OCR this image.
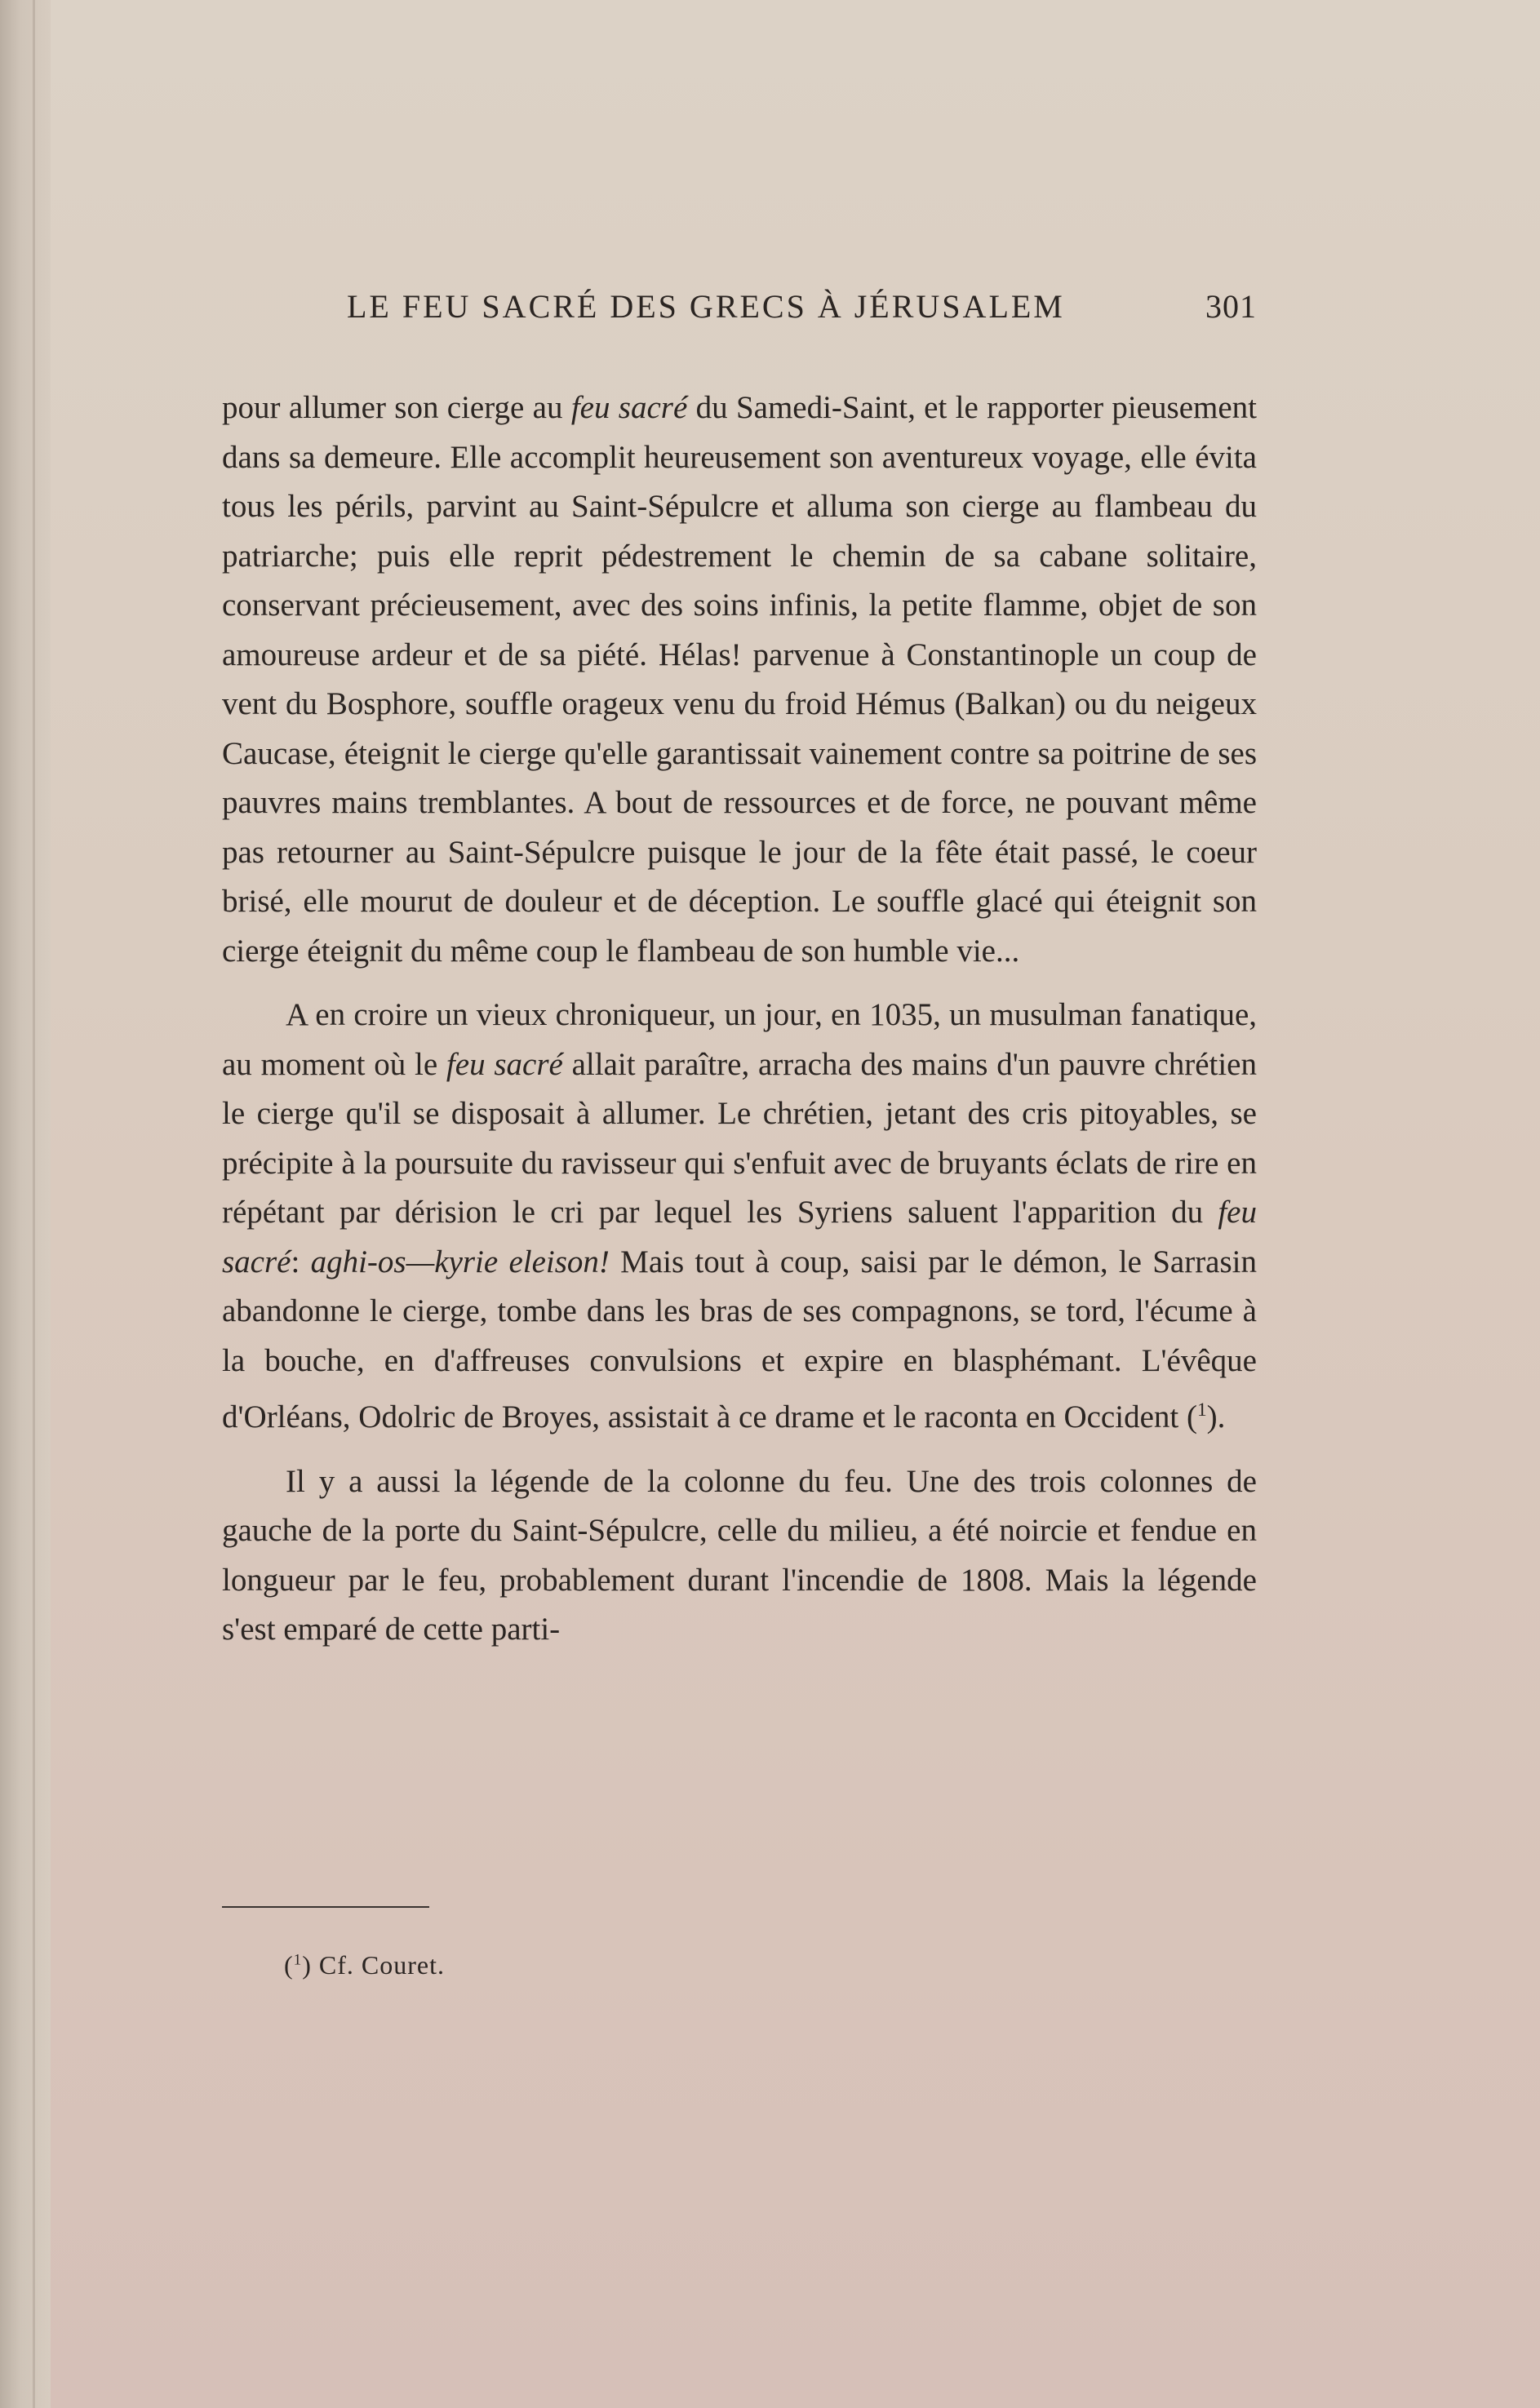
LE FEU SACRÉ DES GRECS À JÉRUSALEM	301

pour allumer son cierge au feu sacré du Samedi-Saint, et le rapporter pieusement dans sa demeure. Elle accomplit heureusement son aventureux voyage, elle évita tous les périls, parvint au Saint-Sépulcre et alluma son cierge au flambeau du patriarche; puis elle reprit pédestrement le chemin de sa cabane solitaire, conservant précieusement, avec des soins infinis, la petite flamme, objet de son amoureuse ardeur et de sa piété. Hélas! parvenue à Constantinople un coup de vent du Bosphore, souffle orageux venu du froid Hémus (Balkan) ou du neigeux Caucase, éteignit le cierge qu'elle garantissait vainement contre sa poitrine de ses pauvres mains tremblantes. A bout de ressources et de force, ne pouvant même pas retourner au Saint-Sépulcre puisque le jour de la fête était passé, le coeur brisé, elle mourut de douleur et de déception. Le souffle glacé qui éteignit son cierge éteignit du même coup le flambeau de son humble vie...

A en croire un vieux chroniqueur, un jour, en 1035, un musulman fanatique, au moment où le feu sacré allait paraître, arracha des mains d'un pauvre chrétien le cierge qu'il se disposait à allumer. Le chrétien, jetant des cris pitoyables, se précipite à la poursuite du ravisseur qui s'enfuit avec de bruyants éclats de rire en répétant par dérision le cri par lequel les Syriens saluent l'apparition du feu sacré: aghi-os—kyrie eleison! Mais tout à coup, saisi par le démon, le Sarrasin abandonne le cierge, tombe dans les bras de ses compagnons, se tord, l'écume à la bouche, en d'affreuses convulsions et expire en blasphémant. L'évêque d'Orléans, Odolric de Broyes, assistait à ce drame et le raconta en Occident ($^1$).

Il y a aussi la légende de la colonne du feu. Une des trois colonnes de gauche de la porte du Saint-Sépulcre, celle du milieu, a été noircie et fendue en longueur par le feu, probablement durant l'incendie de 1808. Mais la légende s'est emparé de cette parti-

($^1$) Cf. Couret.
